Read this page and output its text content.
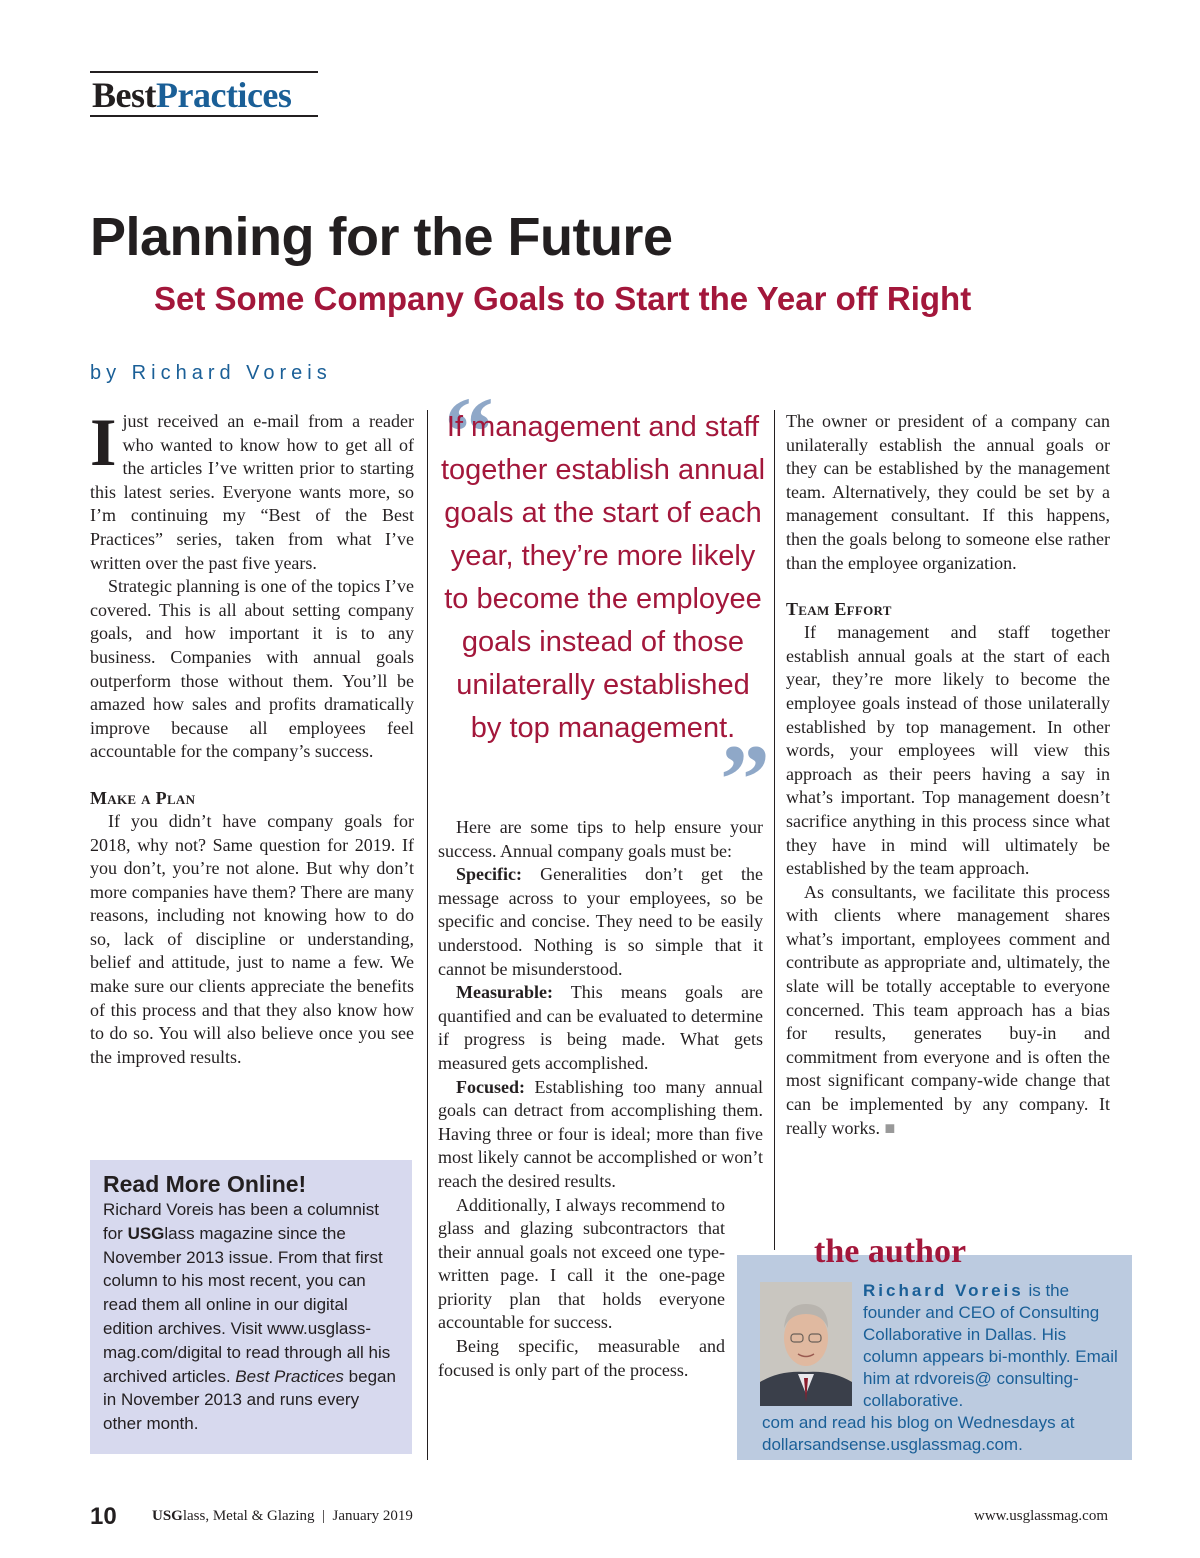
BestPractices
Planning for the Future
Set Some Company Goals to Start the Year off Right
by Richard Voreis

Ijust received an e-mail from a reader who wanted to know how to get all of the articles I’ve written prior to starting this latest series. Everyone wants more, so I’m continuing my “Best of the Best Practices” series, taken from what I’ve written over the past five years.

Strategic planning is one of the topics I’ve covered. This is all about setting company goals, and how important it is to any business. Companies with annual goals outperform those without them. You’ll be amazed how sales and profits dramatically improve because all employees feel accountable for the company’s success.

Make a Plan

If you didn’t have company goals for 2018, why not? Same question for 2019. If you don’t, you’re not alone. But why don’t more companies have them? There are many reasons, including not knowing how to do so, lack of discipline or understanding, belief and attitude, just to name a few. We make sure our clients appreciate the benefits of this process and that they also know how to do so. You will also believe once you see the improved results.

“
If management and staff together establish annual goals at the start of each year, they’re more likely to become the employee goals instead of those unilaterally established by top management.
”

Here are some tips to help ensure your success. Annual company goals must be:

Specific: Generalities don’t get the message across to your employees, so be specific and concise. They need to be easily understood. Nothing is so simple that it cannot be misunderstood.

Measurable: This means goals are quantified and can be evaluated to determine if progress is being made. What gets measured gets accomplished.

Focused: Establishing too many annual goals can detract from accomplishing them. Having three or four is ideal; more than five most likely cannot be accomplished or won’t reach the desired results.

Additionally, I always recommend to glass and glazing subcontractors that their annual goals not exceed one type-written page. I call it the one-page priority plan that holds everyone accountable for success.

Being specific, measurable and focused is only part of the process.

The owner or president of a company can unilaterally establish the annual goals or they can be established by the management team. Alternatively, they could be set by a management consultant. If this happens, then the goals belong to someone else rather than the employee organization.

Team Effort

If management and staff together establish annual goals at the start of each year, they’re more likely to become the employee goals instead of those unilaterally established by top management. In other words, your employees will view this approach as their peers having a say in what’s important. Top management doesn’t sacrifice anything in this process since what they have in mind will ultimately be established by the team approach.

As consultants, we facilitate this process with clients where management shares what’s important, employees comment and contribute as appropriate and, ultimately, the slate will be totally acceptable to everyone concerned. This team approach has a bias for results, generates buy-in and commitment from everyone and is often the most significant company-wide change that can be implemented by any company. It really works. ■

Read More Online!
Richard Voreis has been a columnist for USGlass magazine since the November 2013 issue. From that first column to his most recent, you can read them all online in our digital edition archives. Visit www.usglass-mag.com/digital to read through all his archived articles. Best Practices began in November 2013 and runs every other month.
the author
Richard Voreis is the founder and CEO of Consulting Collaborative in Dallas. His column appears bi-monthly. Email him at rdvoreis@ consulting-collaborative.
com and read his blog on Wednesdays at dollarsandsense.usglassmag.com.
10 USGlass, Metal & Glazing  |  January 2019	www.usglassmag.com
